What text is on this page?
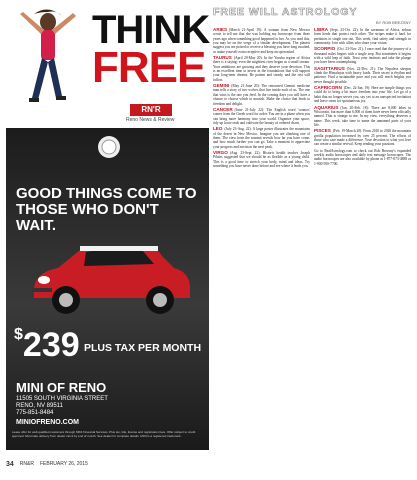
THINK
FREE
RN'R
Reno News & Review
GOOD THINGS COME TO THOSE WHO DON'T WAIT.
$239 PLUS TAX PER MONTH
MINI OF RENO
11505 SOUTH VIRGINIA STREET
RENO, NV 89511
775-851-8484
MINIOFRENO.COM
Lease offer for well-qualified customers through MINI Financial Services. Plus tax, title, license and registration fees. Offer subject to credit approval. Must take delivery from dealer stock by end of month. See dealer for complete details. MINI is a registered trademark.
FREE WILL ASTROLOGY
BY ROB BREZSNY

ARIES (March 21-April 19): A woman from New Mexico wrote to tell me that she was holding my horoscope from three years ago when something good happened to her. As you read this, you may be on the verge of a similar development. The planets suggest you are poised to receive a blessing you have long awaited, so make yourself extra receptive and keep an open mind.

TAURUS (April 20-May 20): In the Yoruba region of Africa there is a saying: even the mightiest river began as a small stream. Your ambitions are growing and they deserve your devotion. This is an excellent time to invest in the foundations that will support your long-term dreams. Be patient and steady, and the rest will follow.

GEMINI (May 21-June 20): The renowned Gemini medicine man tells a story of two wolves that live inside each of us. The one that wins is the one you feed. In the coming days you will have a chance to choose which to nourish. Make the choice that leads to freedom and delight.

CANCER (June 21-July 22): The English word 'cosmos' comes from the Greek word for order. You are in a phase when you can bring more harmony into your world. Organize your space, tidy up loose ends and cultivate the beauty of ordered chaos.

LEO (July 23-Aug. 22): A large poster illustrates the mountains of the desert in New Mexico. Imagine you are climbing one of them. The view from the summit reveals how far you have come, and how much further you can go. Take a moment to appreciate your progress and envision the next peak.

VIRGO (Aug. 23-Sept. 22): Historic health teacher Joseph Pilates suggested that we should be as flexible as a young child. This is a good time to stretch your body, mind and ideas. Try something you have never done before and see where it leads you.

LIBRA (Sept. 23-Oct. 22): In the savannas of Africa, zebras form herds that protect each other. The stripes make it hard for predators to single one out. This week, find safety and strength in community. Join with allies who share your vision.

SCORPIO (Oct. 23-Nov. 21): I once read that the journey of a thousand miles begins with a single step. But sometimes it begins with a wild leap of faith. Trust your instincts and take the plunge you have been contemplating.

SAGITTARIUS (Nov. 22-Dec. 21): The Nepalese sherpas climb the Himalayas with heavy loads. Their secret is rhythm and patience. Find a sustainable pace and you will reach heights you never thought possible.

CAPRICORN (Dec. 22-Jan. 19): Here are simple things you could do to bring a bit more freedom into your life. Let go of a habit that no longer serves you, say yes to an unexpected invitation and leave room for spontaneous joy.

AQUARIUS (Jan. 20-Feb. 18): There are 8,000 lakes in Wisconsin, but more than 6,000 of them have never been officially named. That is strange to me. In my view, everything deserves a name. This week, take time to name the unnamed parts of your life.

PISCES (Feb. 19-March 20): From 2010 to 2020 the mountain gorilla population increased by over 25 percent. The efforts of those who care made a difference. Your devotion to what you love can create a similar revival. Keep tending your passions.

Go to RealAstrology.com to check out Rob Brezsny's expanded weekly audio horoscopes and daily text message horoscopes. The audio horoscopes are also available by phone at 1-877-873-4888 or 1-900-950-7700.

34 RN&R FEBRUARY 26, 2015
